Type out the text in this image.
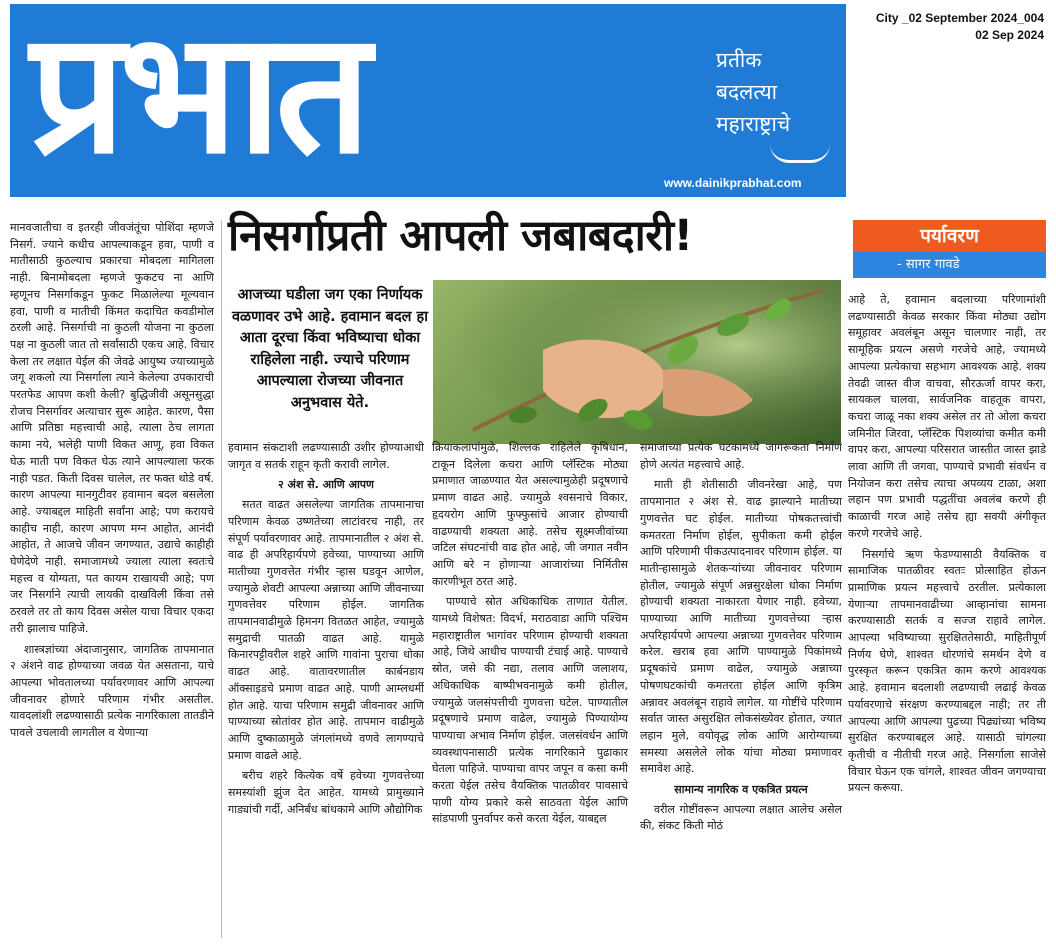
प्रभात	प्रतीक
बदलत्या
महाराष्ट्राचे
www.dainikprabhat.com
City _02 September 2024_004
02 Sep 2024
निसर्गाप्रती आपली जबाबदारी!	पर्यावरण
- सागर गावडे
आजच्या घडीला जग एका निर्णायक वळणावर उभे आहे. हवामान बदल हा आता दूरचा किंवा भविष्याचा धोका राहिलेला नाही. ज्याचे परिणाम आपल्याला रोजच्या जीवनात अनुभवास येते.

मानवजातीचा व इतरही जीवजंतूंचा पोशिंदा म्हणजे निसर्ग. ज्याने कधीच आपल्याकडून हवा, पाणी व मातीसाठी कुठल्याच प्रकारचा मोबदला मागितला नाही. बिनामोबदला म्हणजे फुकटच ना आणि म्हणूनच निसर्गाकडून फुकट मिळालेल्या मूल्यवान हवा, पाणी व मातीची किंमत कदाचित कवडीमोल ठरली आहे. निसर्गाची ना कुठली योजना ना कुठला पक्ष ना कुठली जात तो सर्वांसाठी एकच आहे. विचार केला तर लक्षात येईल की जेवढे आयुष्य ज्याच्यामुळे जगू शकलो त्या निसर्गाला त्याने केलेल्या उपकाराची परतफेड आपण कशी केली? बुद्धिजीवी असूनसुद्धा रोजच निसर्गावर अत्याचार सुरू आहेत. कारण, पैसा आणि प्रतिष्ठा महत्त्वाची आहे, त्याला ठेच लागता कामा नये, भलेही पाणी विकत आणू, हवा विकत घेऊ माती पण विकत घेऊ त्याने आपल्याला फरक नाही पडत. किती दिवस चालेल, तर फक्त थोडे वर्ष. कारण आपल्या मानगुटीवर हवामान बदल बसलेला आहे. ज्याबद्दल माहिती सर्वांना आहे; पण करायचे काहीच नाही, कारण आपण मग्न आहोत, आनंदी आहोत, ते आजचे जीवन जगण्यात, उद्याचे काहीही घेणेदेणे नाही. समाजामध्ये ज्याला त्याला स्वतःचे महत्त्व व योग्यता, पत कायम राखायची आहे; पण जर निसर्गाने त्याची लायकी दाखविली किंवा तसे ठरवले तर तो काय दिवस असेल याचा विचार एकदा तरी झालाच पाहिजे.

शास्त्रज्ञांच्या अंदाजानुसार, जागतिक तापमानात २ अंशने वाढ होण्याच्या जवळ येत असताना, याचे आपल्या भोवतालच्या पर्यावरणावर आणि आपल्या जीवनावर होणारे परिणाम गंभीर असतील. यावदलांशी लढण्यासाठी प्रत्येक नागरिकाला तातडीने पावले उचलावी लागतील व येणाऱ्या

हवामान संकटाशी लढण्यासाठी उशीर होण्याआधी जागृत व सतर्क राहून कृती करावी लागेल.

२ अंश से. आणि आपण

सतत वाढत असलेल्या जागतिक तापमानाचा परिणाम केवळ उष्णतेच्या लाटांवरच नाही, तर संपूर्ण पर्यावरणावर आहे. तापमानातील २ अंश से. वाढ ही अपरिहार्यपणे हवेच्या, पाण्याच्या आणि मातीच्या गुणवत्तेत गंभीर ऱ्हास घडवून आणेल, ज्यामुळे शेवटी आपल्या अन्नाच्या आणि जीवनाच्या गुणवत्तेवर परिणाम होईल. जागतिक तापमानवाढीमुळे हिमनग वितळत आहेत, ज्यामुळे समुद्राची पातळी वाढत आहे. यामुळे किनारपट्टीवरील शहरे आणि गावांना पुराचा धोका वाढत आहे. वातावरणातील कार्बनडाय ऑक्साइडचे प्रमाण वाढत आहे. पाणी आम्लधर्मी होत आहे. याचा परिणाम समुद्री जीवनावर आणि पाण्याच्या स्रोतांवर होत आहे. तापमान वाढीमुळे आणि दुष्काळामुळे जंगलांमध्ये वणवे लागण्याचे प्रमाण वाढले आहे.

बरीच शहरे कित्येक वर्षे हवेच्या गुणवत्तेच्या समस्यांशी झुंज देत आहेत. यामध्ये प्रामुख्याने गाड्यांची गर्दी, अनिर्बंध बांधकामे आणि औद्योगिक

क्रियाकलापांमुळे, शिल्लक राहिलेले कृषिधान, टाकून दिलेला कचरा आणि प्लॅस्टिक मोठ्या प्रमाणात जाळण्यात येत असल्यामुळेही प्रदूषणाचे प्रमाण वाढत आहे. ज्यामुळे श्वसनाचे विकार, हृदयरोग आणि फुफ्फुसांचे आजार होण्याची वाढण्याची शक्यता आहे. तसेच सूक्ष्मजीवांच्या जटिल संघटनांची वाढ होत आहे, जी जगात नवीन आणि बरे न होणाऱ्या आजारांच्या निर्मितीस कारणीभूत ठरत आहे.

पाण्याचे स्रोत अधिकाधिक ताणात येतील. यामध्ये विशेषत: विदर्भ, मराठवाडा आणि पश्चिम महाराष्ट्रातील भागांवर परिणाम होण्याची शक्यता आहे, जिथे आधीच पाण्याची टंचाई आहे. पाण्याचे स्रोत, जसे की नद्या, तलाव आणि जलाशय, अधिकाधिक बाष्पीभवनामुळे कमी होतील, ज्यामुळे जलसंपत्तीची गुणवत्ता घटेल. पाण्यातील प्रदूषणाचे प्रमाण वाढेल, ज्यामुळे पिण्यायोग्य पाण्याचा अभाव निर्माण होईल. जलसंवर्धन आणि व्यवस्थापनासाठी प्रत्येक नागरिकाने पुढाकार घेतला पाहिजे. पाण्याचा वापर जपून व कसा कमी करता येईल तसेच वैयक्तिक पातळीवर पावसाचे पाणी योग्य प्रकारे कसे साठवता येईल आणि सांडपाणी पुनर्वापर कसे करता येईल, याबद्दल

समाजाच्या प्रत्येक घटकामध्ये जागरूकता निर्माण होणे अत्यंत महत्त्वाचे आहे.

माती ही शेतीसाठी जीवनरेखा आहे, पण तापमानात २ अंश से. वाढ झाल्याने मातीच्या गुणवत्तेत घट होईल. मातीच्या पोषकतत्त्वांची कमतरता निर्माण होईल, सुपीकता कमी होईल आणि परिणामी पीकउत्पादनावर परिणाम होईल. या मातीऱ्हासामुळे शेतकऱ्यांच्या जीवनावर परिणाम होतील, ज्यामुळे संपूर्ण अन्नसुरक्षेला धोका निर्माण होण्याची शक्यता नाकारता येणार नाही. हवेच्या, पाण्याच्या आणि मातीच्या गुणवत्तेच्या ऱ्हास अपरिहार्यपणे आपल्या अन्नाच्या गुणवत्तेवर परिणाम करेल. खराब हवा आणि पाण्यामुळे पिकांमध्ये प्रदूषकांचे प्रमाण वाढेल, ज्यामुळे अन्नाच्या पोषणघटकांची कमतरता होईल आणि कृत्रिम अन्नावर अवलंबून राहावे लागेल. या गोष्टींचे परिणाम सर्वात जास्त असुरक्षित लोकसंख्येवर होतात, ज्यात लहान मुले, वयोवृद्ध लोक आणि आरोग्याच्या समस्या असलेले लोक यांचा मोठ्या प्रमाणावर समावेश आहे.

सामान्य नागरिक व एकत्रित प्रयत्न

वरील गोष्टींवरून आपल्या लक्षात आलेच असेल की, संकट किती मोठं

आहे ते, हवामान बदलाच्या परिणामांशी लढण्यासाठी केवळ सरकार किंवा मोठ्या उद्योग समूहावर अवलंबून असून चालणार नाही, तर सामूहिक प्रयत्न असणे गरजेचे आहे, ज्यामध्ये आपल्या प्रत्येकाचा सहभाग आवश्यक आहे. शक्य तेवढी जास्त वीज वाचवा, सौरऊर्जा वापर करा, सायकल चालवा, सार्वजनिक वाहतूक वापरा, कचरा जाळू नका शक्य असेल तर तो ओला कचरा जमिनीत जिरवा, प्लॅस्टिक पिशव्यांचा कमीत कमी वापर करा, आपल्या परिसरात जास्तीत जास्त झाडे लावा आणि ती जगवा, पाण्याचे प्रभावी संवर्धन व नियोजन करा तसेच त्याचा अपव्यय टाळा, अशा लहान पण प्रभावी पद्धतींचा अवलंब करणे ही काळाची गरज आहे तसेच ह्या सवयी अंगीकृत करणे गरजेचे आहे.

निसर्गाचे ऋण फेडण्यासाठी वैयक्तिक व सामाजिक पातळीवर स्वतःः प्रोत्साहित होऊन प्रामाणिक प्रयत्न महत्त्वाचे ठरतील. प्रत्येकाला येणाऱ्या तापमानवाढीच्या आव्हानांचा सामना करण्यासाठी सतर्क व सज्ज राहावे लागेल. आपल्या भविष्याच्या सुरक्षिततेसाठी, माहितीपूर्ण निर्णय घेणे, शाश्वत धोरणांचे समर्थन देणे व पुरस्कृत करून एकत्रित काम करणे आवश्यक आहे. हवामान बदलाशी लढण्याची लढाई केवळ पर्यावरणाचे संरक्षण करण्याबद्दल नाही; तर ती आपल्या आणि आपल्या पुढच्या पिढ्यांच्या भविष्य सुरक्षित करण्याबद्दल आहे. यासाठी चांगल्या कृतीची व नीतीची गरज आहे. निसर्गाला साजेसे विचार घेऊन एक चांगले, शाश्वत जीवन जगण्याचा प्रयत्न करूया.
